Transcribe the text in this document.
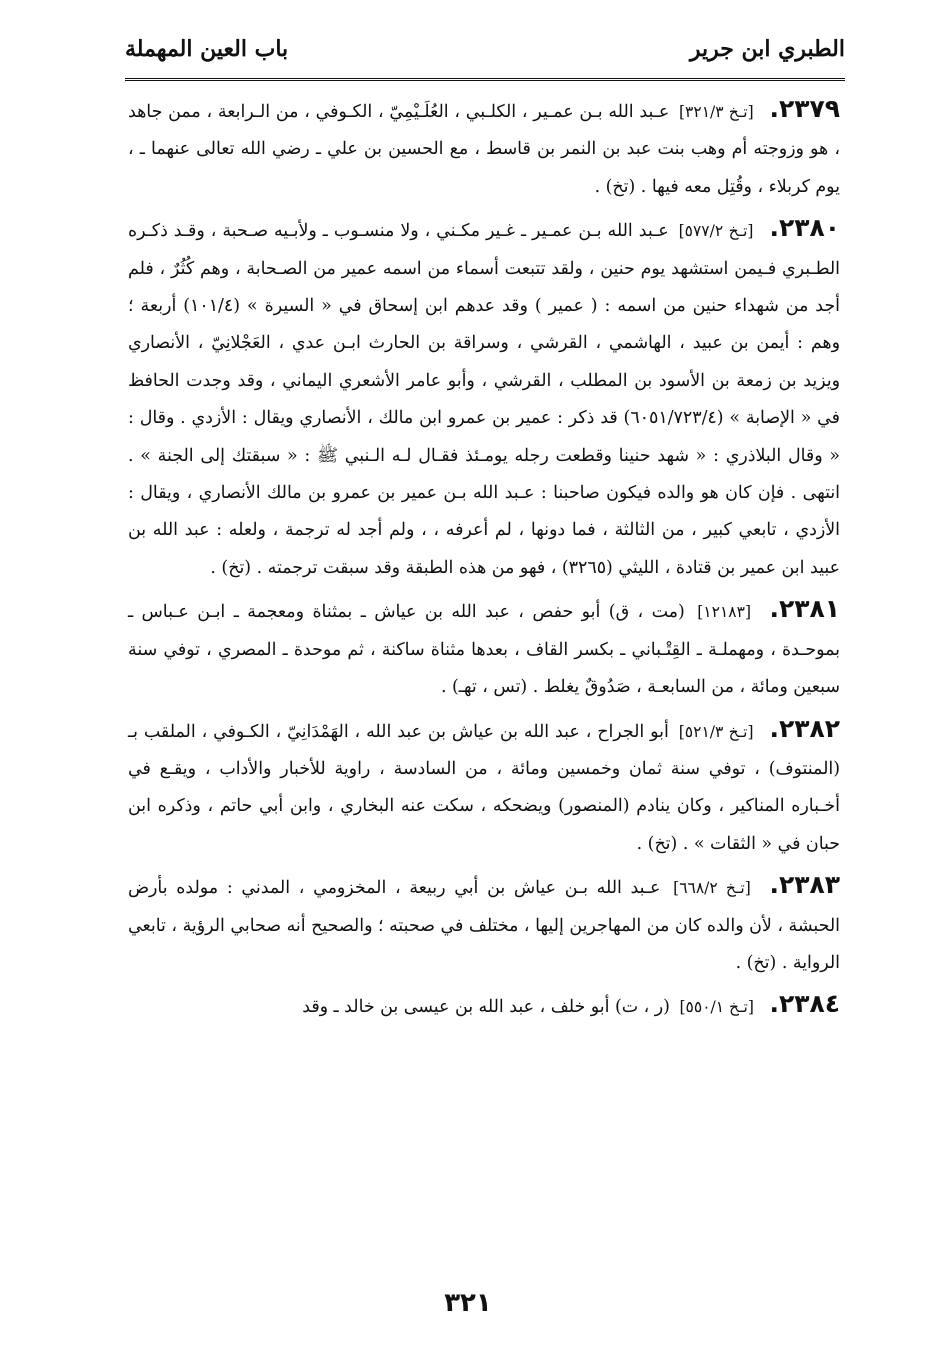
الطبري ابن جرير
باب العين المهملة

٢٣٧٩. [تـخ ٣٢١/٣] عـبد الله بـن عمـير ، الكلـبي ، العُلَـيْمِيّ ، الكـوفي ، من الـرابعة ، ممن جاهد ، هو وزوجته أم وهب بنت عبد بن النمر بن قاسط ، مع الحسين بن علي ـ رضي الله تعالى عنهما ـ ، يوم كربلاء ، وقُتِل معه فيها . (تخ) .

٢٣٨٠. [تـخ ٥٧٧/٢] عـبد الله بـن عمـير ـ غـير مكـني ، ولا منسـوب ـ ولأبـيه صـحبة ، وقـد ذكـره الطـبري فـيمن استشهد يوم حنين ، ولقد تتبعت أسماء من اسمه عمير من الصـحابة ، وهم كُثُرٌ ، فلم أجد من شهداء حنين من اسمه : ( عمير ) وقد عدهم ابن إسحاق في « السيرة » (١٠١/٤) أربعة ؛ وهم : أيمن بن عبيد ، الهاشمي ، القرشي ، وسراقة بن الحارث ابـن عدي ، العَجْلانِيّ ، الأنصاري ويزيد بن زمعة بن الأسود بن المطلب ، القرشي ، وأبو عامر الأشعري اليماني ، وقد وجدت الحافظ في « الإصابة » (٦٠٥١/٧٢٣/٤) قد ذكر : عمير بن عمرو ابن مالك ، الأنصاري ويقال : الأزدي . وقال : « وقال البلاذري : « شهد حنينا وقطعت رجله يومـئذ فقـال لـه الـنبي ﷺ : « سبقتك إلى الجنة » . انتهى . فإن كان هو والده فيكون صاحبنا : عـبد الله بـن عمير بن عمرو بن مالك الأنصاري ، ويقال : الأزدي ، تابعي كبير ، من الثالثة ، فما دونها ، لم أعرفه ، ، ولم أجد له ترجمة ، ولعله : عبد الله بن عبيد ابن عمير بن قتادة ، الليثي (٣٢٦٥) ، فهو من هذه الطبقة وقد سبقت ترجمته . (تخ) .

٢٣٨١. [١٢١٨٣] (مت ، ق) أبو حفص ، عبد الله بن عياش ـ بمثناة ومعجمة ـ ابـن عـباس ـ بموحـدة ، ومهملـة ـ القِتْـباني ـ بكسر القاف ، بعدها مثناة ساكنة ، ثم موحدة ـ المصري ، توفي سنة سبعين ومائة ، من السابعـة ، صَدُوقٌ يغلط . (تس ، تهـ) .

٢٣٨٢. [تـخ ٥٢١/٣] أبو الجراح ، عبد الله بن عياش بن عبد الله ، الهَمْدَانِيّ ، الكـوفي ، الملقب بـ (المنتوف) ، توفي سنة ثمان وخمسين ومائة ، من السادسة ، راوية للأخبار والأداب ، ويقـع في أخـباره المناكير ، وكان ينادم (المنصور) ويضحكه ، سكت عنه البخاري ، وابن أبي حاتم ، وذكره ابن حبان في « الثقات » . (تخ) .

٢٣٨٣. [تـخ ٦٦٨/٢] عـبد الله بـن عياش بن أبي ربيعة ، المخزومي ، المدني : مولده بأرض الحبشة ، لأن والده كان من المهاجرين إليها ، مختلف في صحبته ؛ والصحيح أنه صحابي الرؤية ، تابعي الرواية . (تخ) .

٢٣٨٤. [تـخ ٥٥٠/١] (ر ، ت) أبو خلف ، عبد الله بن عيسى بن خالد ـ وقد

٣٢١
